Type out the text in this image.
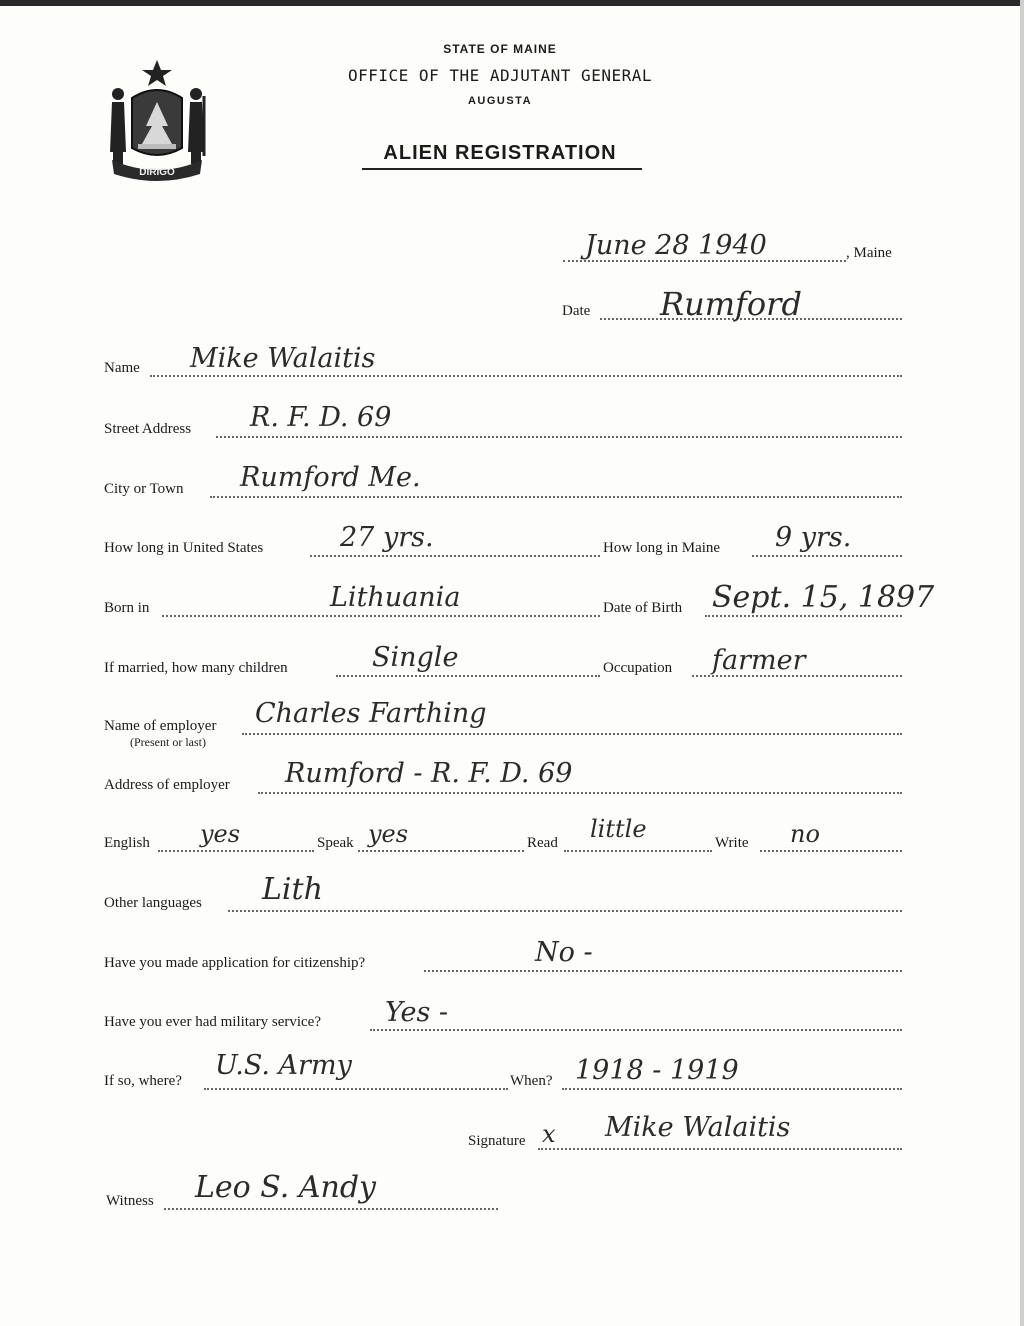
DIRIGO
STATE OF MAINE
OFFICE OF THE ADJUTANT GENERAL
AUGUSTA
ALIEN REGISTRATION
June 28 1940	, Maine
Date Rumford
Name Mike Walaitis
Street Address R. F. D. 69
City or Town Rumford Me.
How long in United States	27 yrs.	How long in Maine 9 yrs.
Born in	Lithuania	Date of Birth Sept. 15, 1897
If married, how many children	Single	Occupation farmer
Name of employer
(Present or last)
Charles Farthing
Address of employer Rumford - R. F. D. 69
English yes	Speak yes	Read little	Write no
Other languages Lith
Have you made application for citizenship?	No -
Have you ever had military service? Yes -
If so, where? U.S. Army	When? 1918 - 1919
Signature x Mike Walaitis
Witness Leo S. Andy
